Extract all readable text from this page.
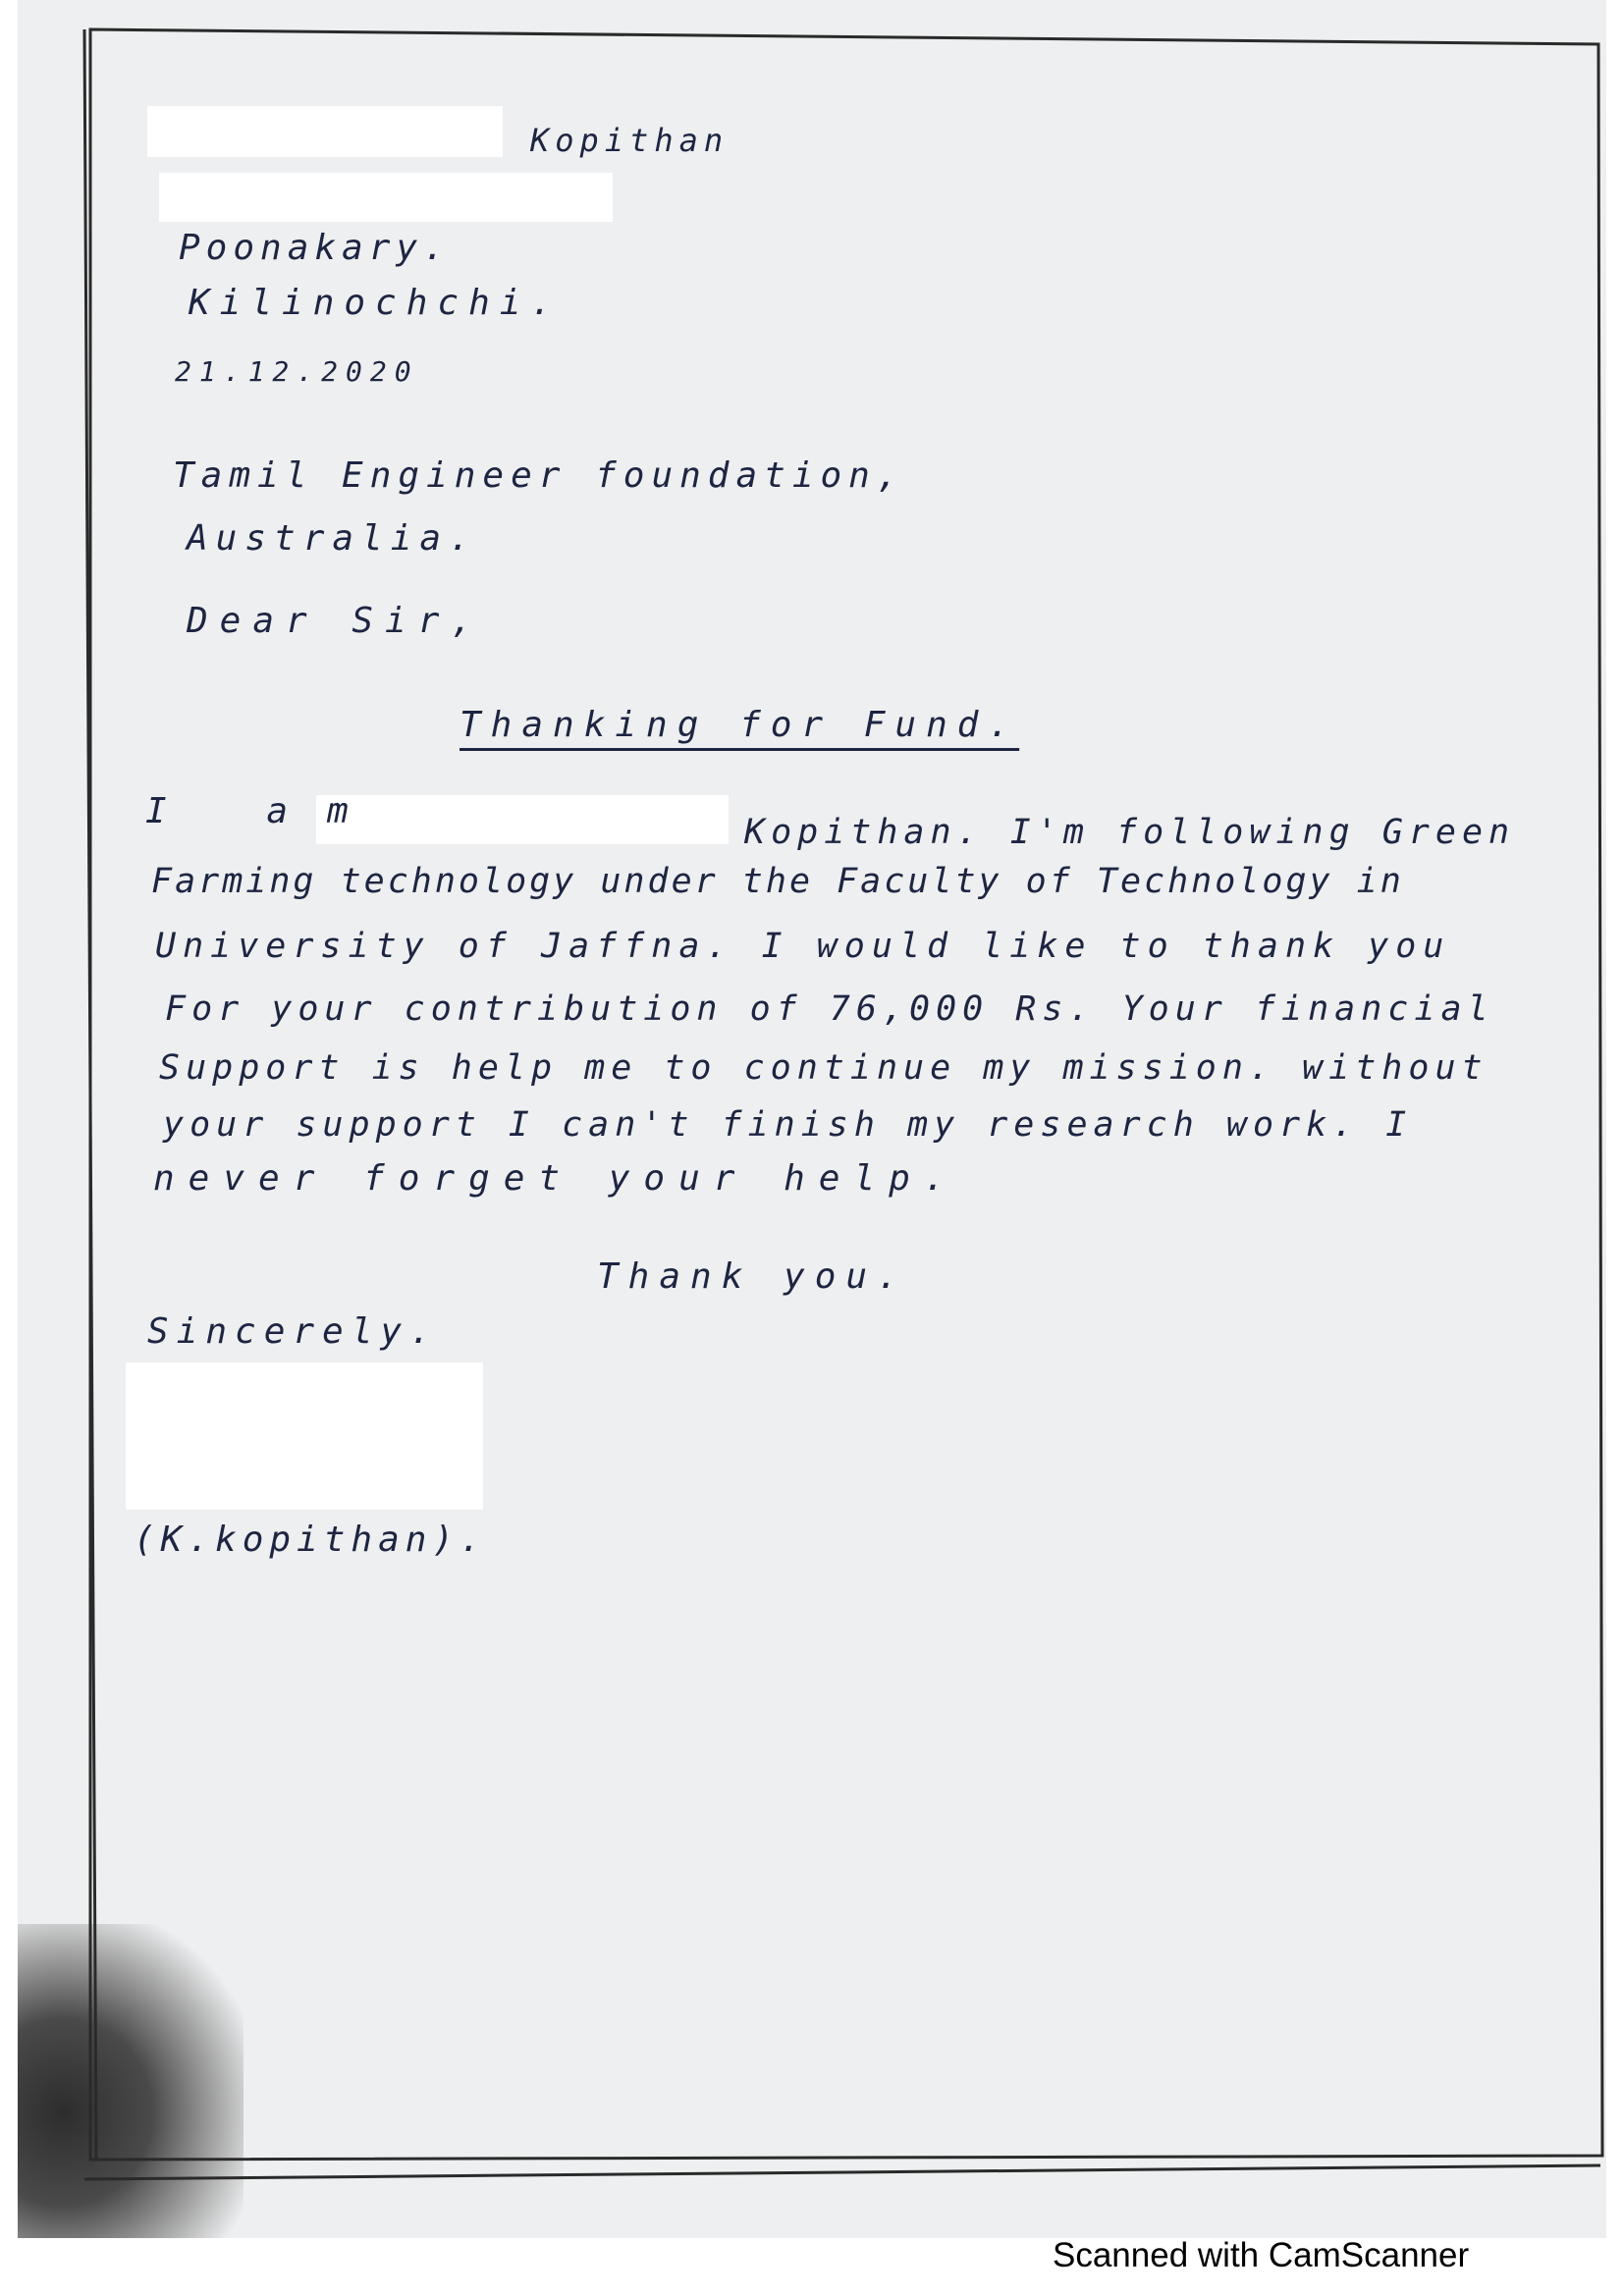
Kopithan
Poonakary.
Kilinochchi.
21.12.2020
Tamil Engineer foundation,
Australia.
Dear Sir,
Thanking for Fund.
I am
Kopithan. I'm following Green
Farming technology under the Faculty of Technology in
University of Jaffna. I would like to thank you
For your contribution of 76,000 Rs. Your financial
Support is help me to continue my mission. without
your support I can't finish my research work. I
never forget your help.
Thank you.
Sincerely.
(K.kopithan).
Scanned with CamScanner
